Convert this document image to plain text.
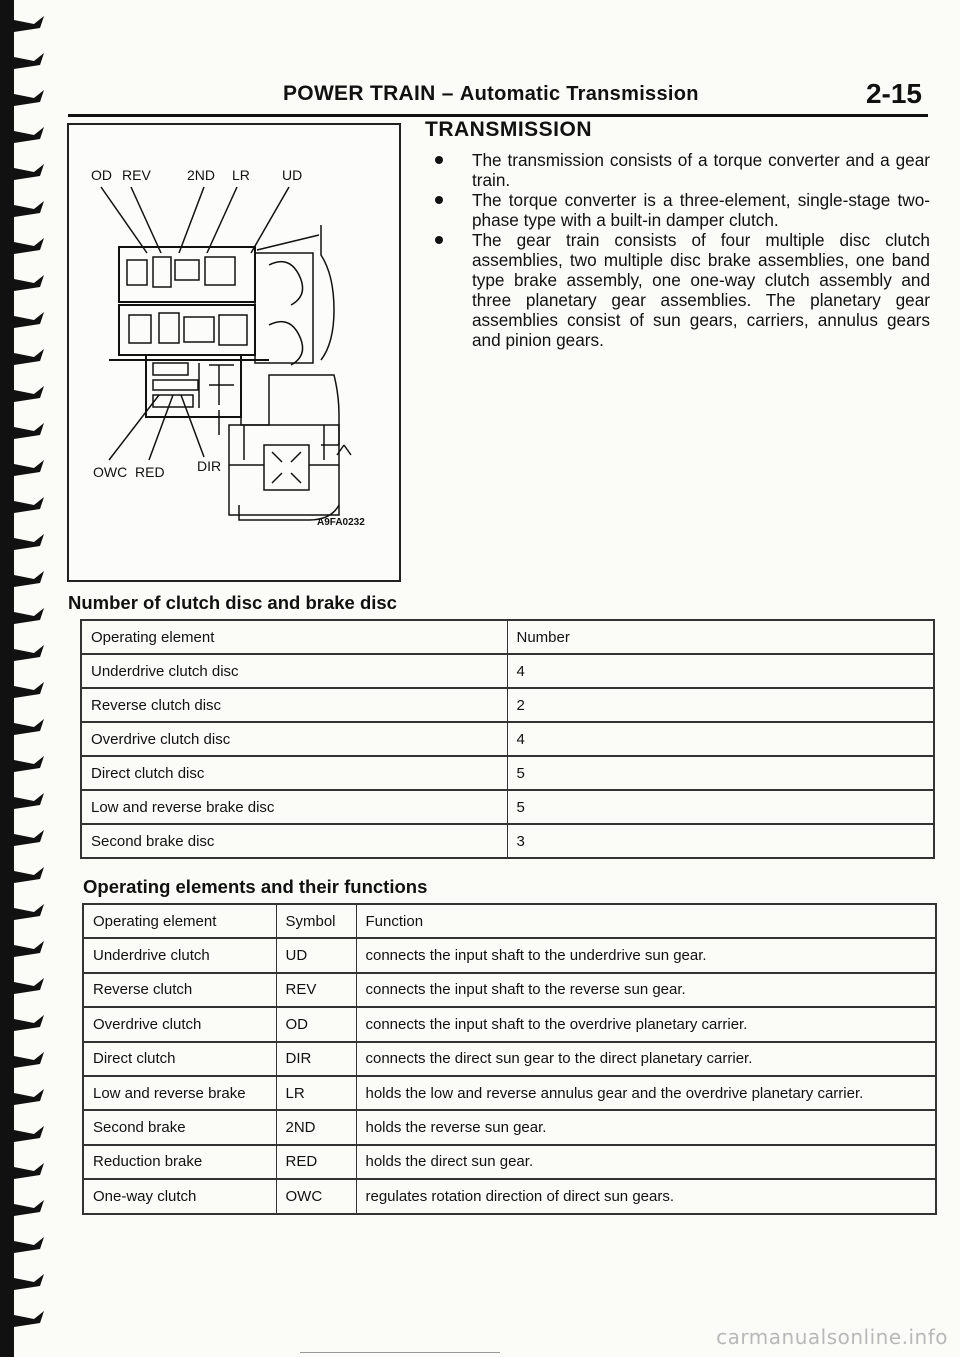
POWER TRAIN – Automatic Transmission	2-15
OD REV	2ND LR UD
OWC RED DIR
A9FA0232
TRANSMISSION
The transmission consists of a torque converter and a gear train.
The torque converter is a three-element, single-stage two-phase type with a built-in damper clutch.
The gear train consists of four multiple disc clutch assemblies, two multiple disc brake assemblies, one band type brake assembly, one one-way clutch assembly and three planetary gear assemblies. The planetary gear assemblies consist of sun gears, carriers, annulus gears and pinion gears.
Number of clutch disc and brake disc
Operating element	Number
Underdrive clutch disc	4
Reverse clutch disc	2
Overdrive clutch disc	4
Direct clutch disc	5
Low and reverse brake disc	5
Second brake disc	3
Operating elements and their functions
Operating element	Symbol	Function
Underdrive clutch	UD	connects the input shaft to the underdrive sun gear.
Reverse clutch	REV	connects the input shaft to the reverse sun gear.
Overdrive clutch	OD	connects the input shaft to the overdrive planetary carrier.
Direct clutch	DIR	connects the direct sun gear to the direct planetary carrier.
Low and reverse brake	LR	holds the low and reverse annulus gear and the overdrive planetary carrier.
Second brake	2ND	holds the reverse sun gear.
Reduction brake	RED	holds the direct sun gear.
One-way clutch	OWC	regulates rotation direction of direct sun gears.
carmanualsonline.info
